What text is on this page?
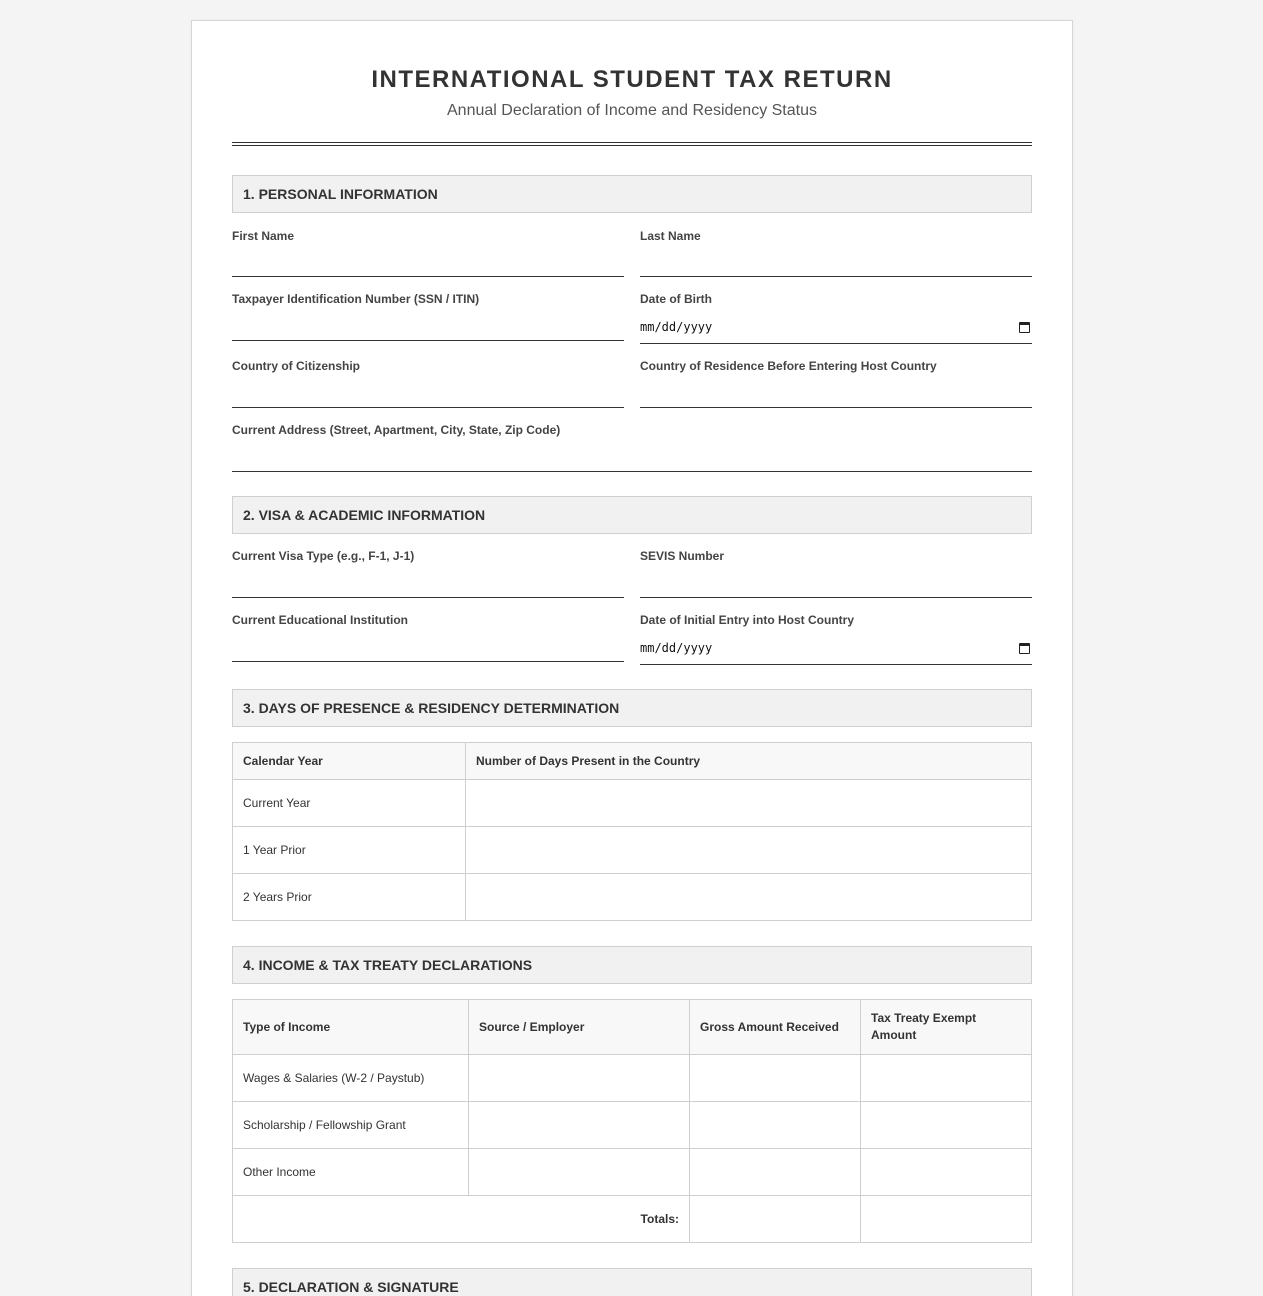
INTERNATIONAL STUDENT TAX RETURN
Annual Declaration of Income and Residency Status
1. PERSONAL INFORMATION
First Name	Last Name
Taxpayer Identification Number (SSN / ITIN)	Date of Birth
mm/dd/yyyy
Country of Citizenship	Country of Residence Before Entering Host Country
Current Address (Street, Apartment, City, State, Zip Code)
2. VISA & ACADEMIC INFORMATION
Current Visa Type (e.g., F-1, J-1)	SEVIS Number
Current Educational Institution	Date of Initial Entry into Host Country
mm/dd/yyyy
3. DAYS OF PRESENCE & RESIDENCY DETERMINATION
Calendar Year	Number of Days Present in the Country
Current Year	
1 Year Prior	
2 Years Prior	
4. INCOME & TAX TREATY DECLARATIONS
Type of Income	Source / Employer	Gross Amount Received	Tax Treaty Exempt Amount
Wages & Salaries (W-2 / Paystub)			
Scholarship / Fellowship Grant			
Other Income			
Totals:			
5. DECLARATION & SIGNATURE
